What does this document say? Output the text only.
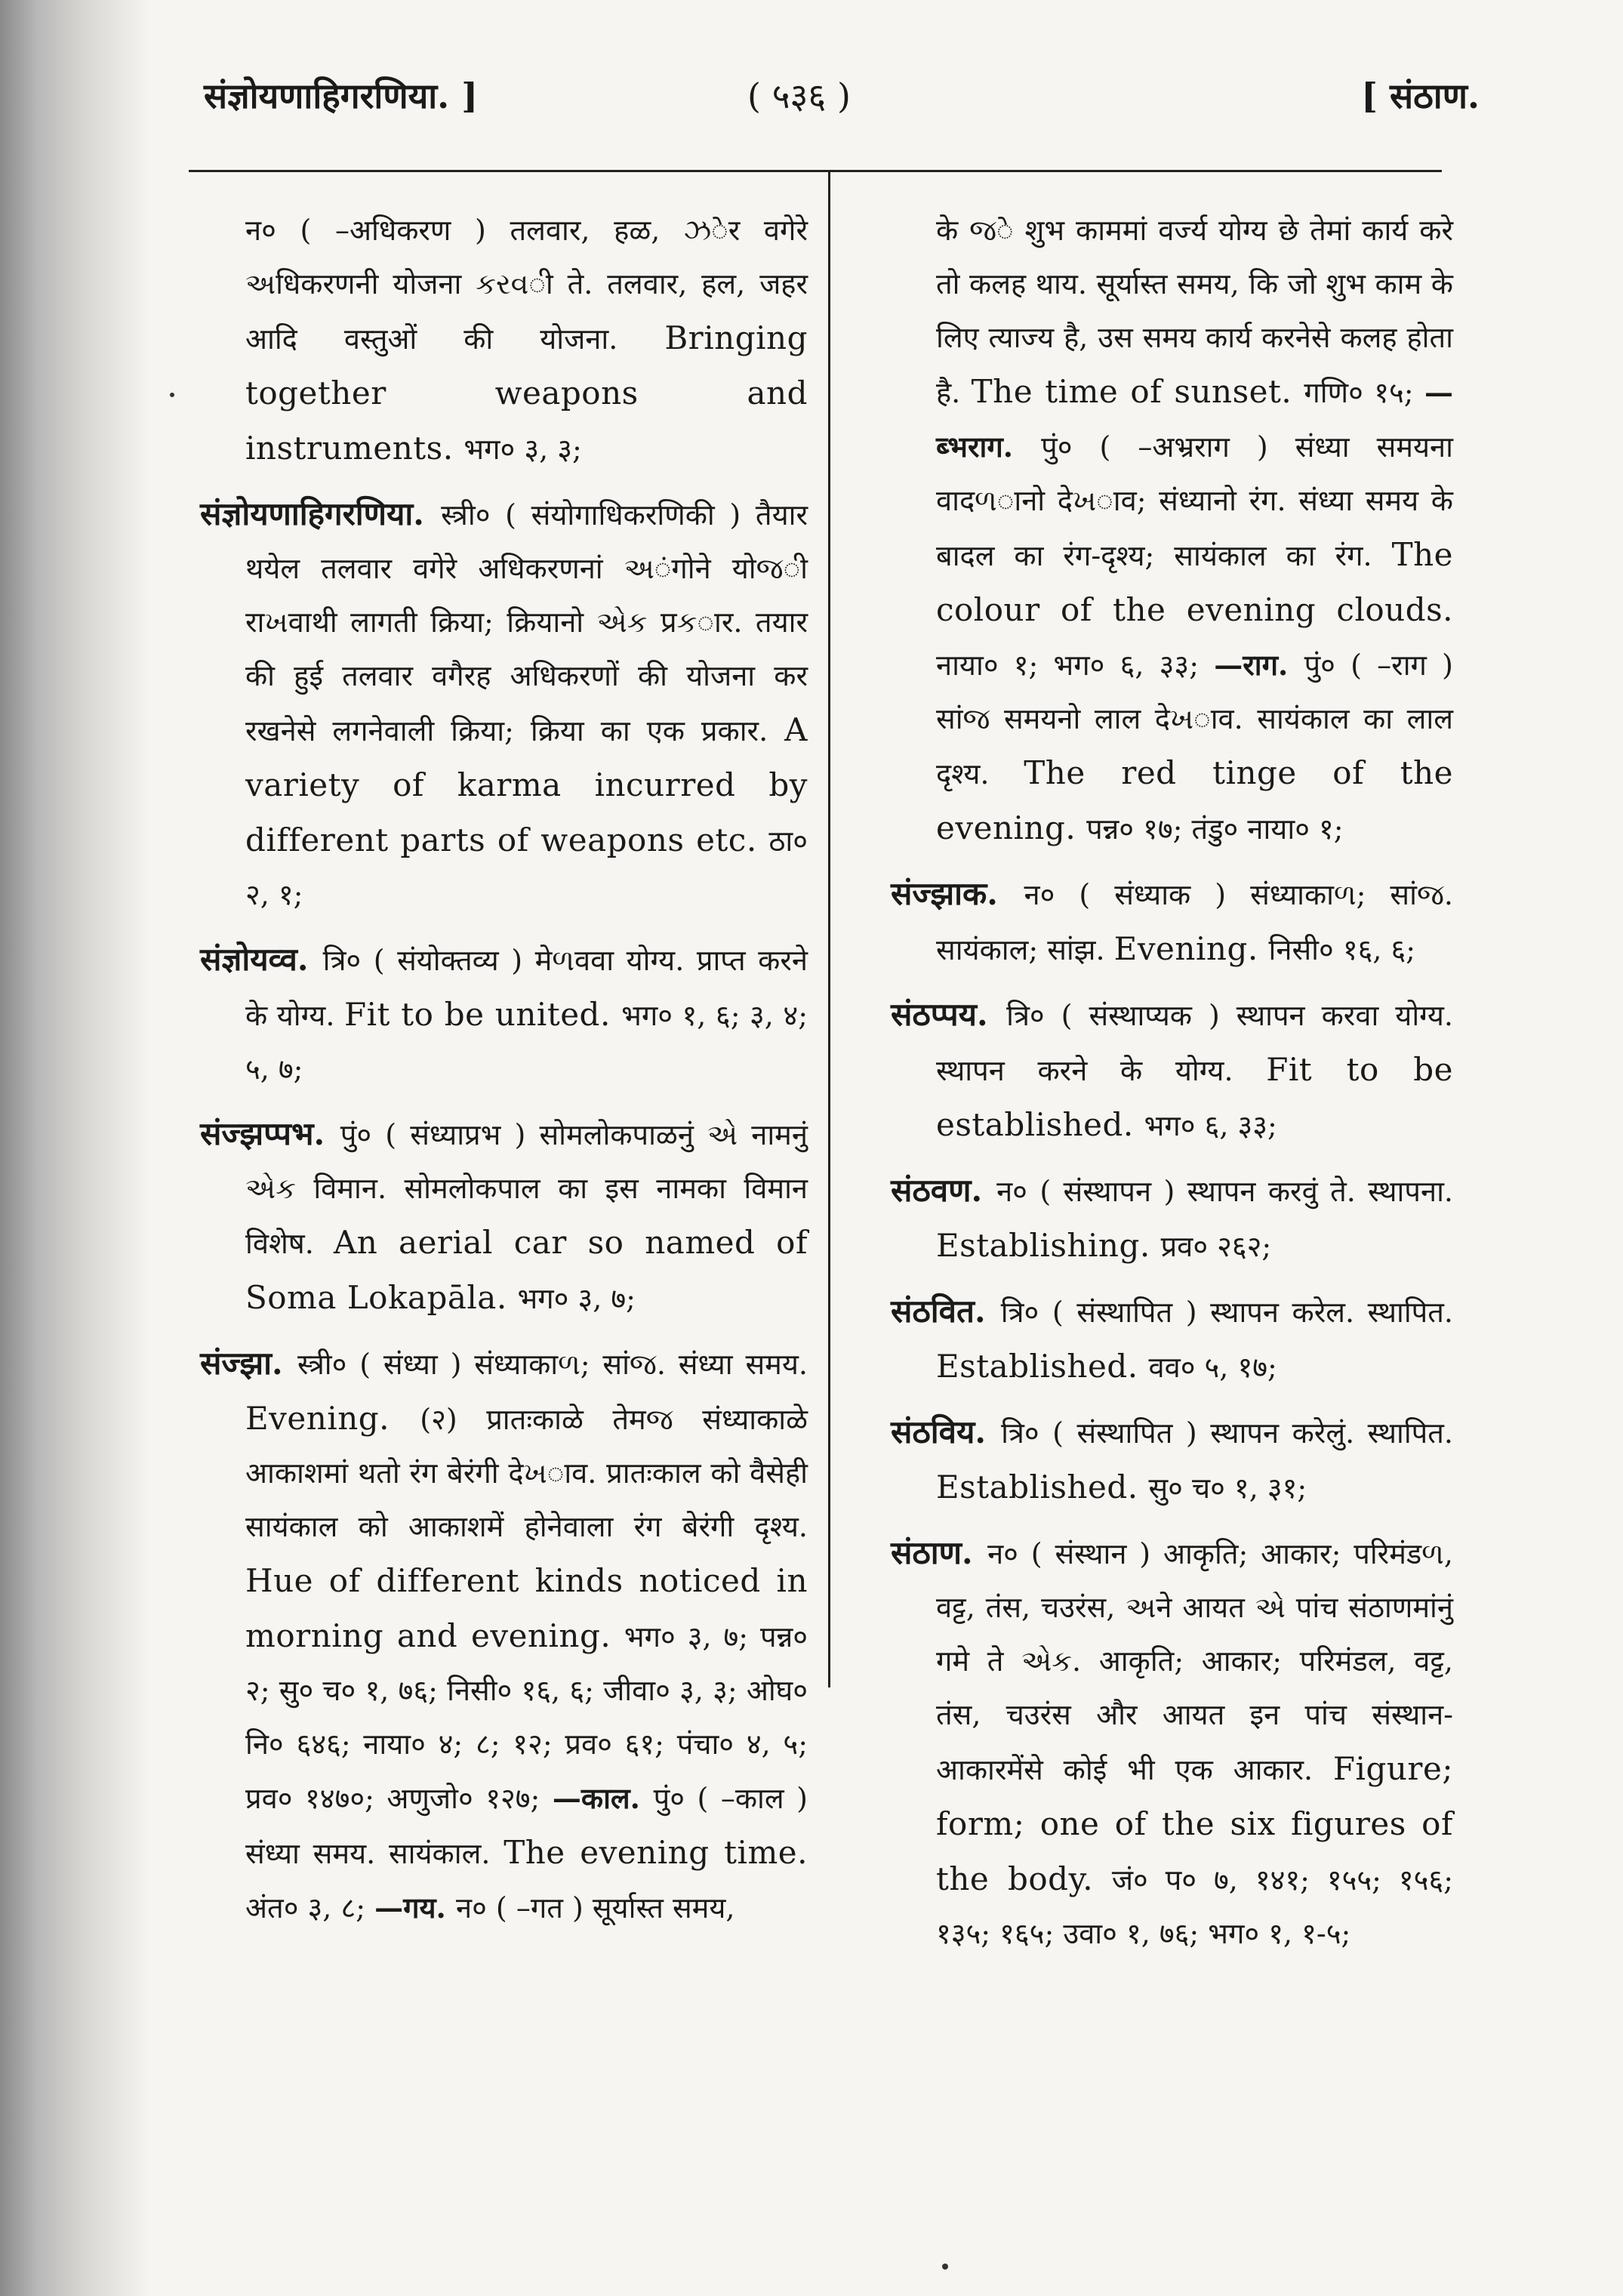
संज्ञोयणाहिगरणिया. ]	( ५३६ )	[ संठाण.
न० ( –अधिकरण ) तलवार, हळ, ઝेर वगेरे અधिकरणनी योजना કરવी ते. तलवार, हल, जहर आदि वस्तुओं की योजना. Bringing together weapons and instruments. भग० ३, ३;
संज्ञोयणाहिगरणिया. स्त्री० ( संयोगाधिकरणिकी ) तैयार थयेल तलवार वगेरे अधिकरणनां અंगोने योજी राખवाथी लागती क्रिया; क्रियानो એક प्रકार. तयार की हुई तलवार वगैरह अधिकरणों की योजना कर रखनेसे लगनेवाली क्रिया; क्रिया का एक प्रकार. A variety of karma incurred by different parts of weapons etc. ठा० २, १;
संज्ञोयव्व. त्रि० ( संयोक्तव्य ) मेળववा योग्य. प्राप्त करने के योग्य. Fit to be united. भग० १, ६; ३, ४; ५, ७;
संज्झप्पभ. पुं० ( संध्याप्रभ ) सोमलोकपाळनुं એ नामनुं એક विमान. सोमलोकपाल का इस नामका विमान विशेष. An aerial car so named of Soma Lokapāla. भग० ३, ७;
संज्झा. स्त्री० ( संध्या ) संध्याकाળ; सांજ. संध्या समय. Evening. (२) प्रातःकाळे तेमજ संध्याकाळे आकाशमां थतो रंग बेरंगी देખाव. प्रातःकाल को वैसेही सायंकाल को आकाशमें होनेवाला रंग बेरंगी दृश्य. Hue of different kinds noticed in morning and evening. भग० ३, ७; पन्न० २; सु० च० १, ७६; निसी० १६, ६; जीवा० ३, ३; ओघ० नि० ६४६; नाया० ४; ८; १२; प्रव० ६१; पंचा० ४, ५; प्रव० १४७०; अणुजो० १२७; —काल. पुं० ( –काल ) संध्या समय. सायंकाल. The evening time. अंत० ३, ८; —गय. न० ( –गत ) सूर्यास्त समय,
के જे शुभ काममां वर्ज्य योग्य छे तेमां कार्य करे तो कलह थाय. सूर्यास्त समय, कि जो शुभ काम के लिए त्याज्य है, उस समय कार्य करनेसे कलह होता है. The time of sunset. गणि० १५; —ब्भराग. पुं० ( –अभ्रराग ) संध्या समयना वादળानो देખाव; संध्यानो रंग. संध्या समय के बादल का रंग-दृश्य; सायंकाल का रंग. The colour of the evening clouds. नाया० १; भग० ६, ३३; —राग. पुं० ( –राग ) सांજ समयनो लाल देખाव. सायंकाल का लाल दृश्य. The red tinge of the evening. पन्न० १७; तंडु० नाया० १;
संज्झाक. न० ( संध्याक ) संध्याकाળ; सांજ. सायंकाल; सांझ. Evening. निसी० १६, ६;
संठप्पय. त्रि० ( संस्थाप्यक ) स्थापन करवा योग्य. स्थापन करने के योग्य. Fit to be established. भग० ६, ३३;
संठवण. न० ( संस्थापन ) स्थापन करवुं ते. स्थापना. Establishing. प्रव० २६२;
संठवित. त्रि० ( संस्थापित ) स्थापन करेल. स्थापित. Established. वव० ५, १७;
संठविय. त्रि० ( संस्थापित ) स्थापन करेलुं. स्थापित. Established. सु० च० १, ३१;
संठाण. न० ( संस्थान ) आकृति; आकार; परिमंडળ, वट्ट, तंस, चउरंस, અने आयत એ पांच संठाणमांनुं गमे ते એક. आकृति; आकार; परिमंडल, वट्ट, तंस, चउरंस और आयत इन पांच संस्थान-आकारमेंसे कोई भी एक आकार. Figure; form; one of the six figures of the body. जं० प० ७, १४१; १५५; १५६; १३५; १६५; उवा० १, ७६; भग० १, १-५;
